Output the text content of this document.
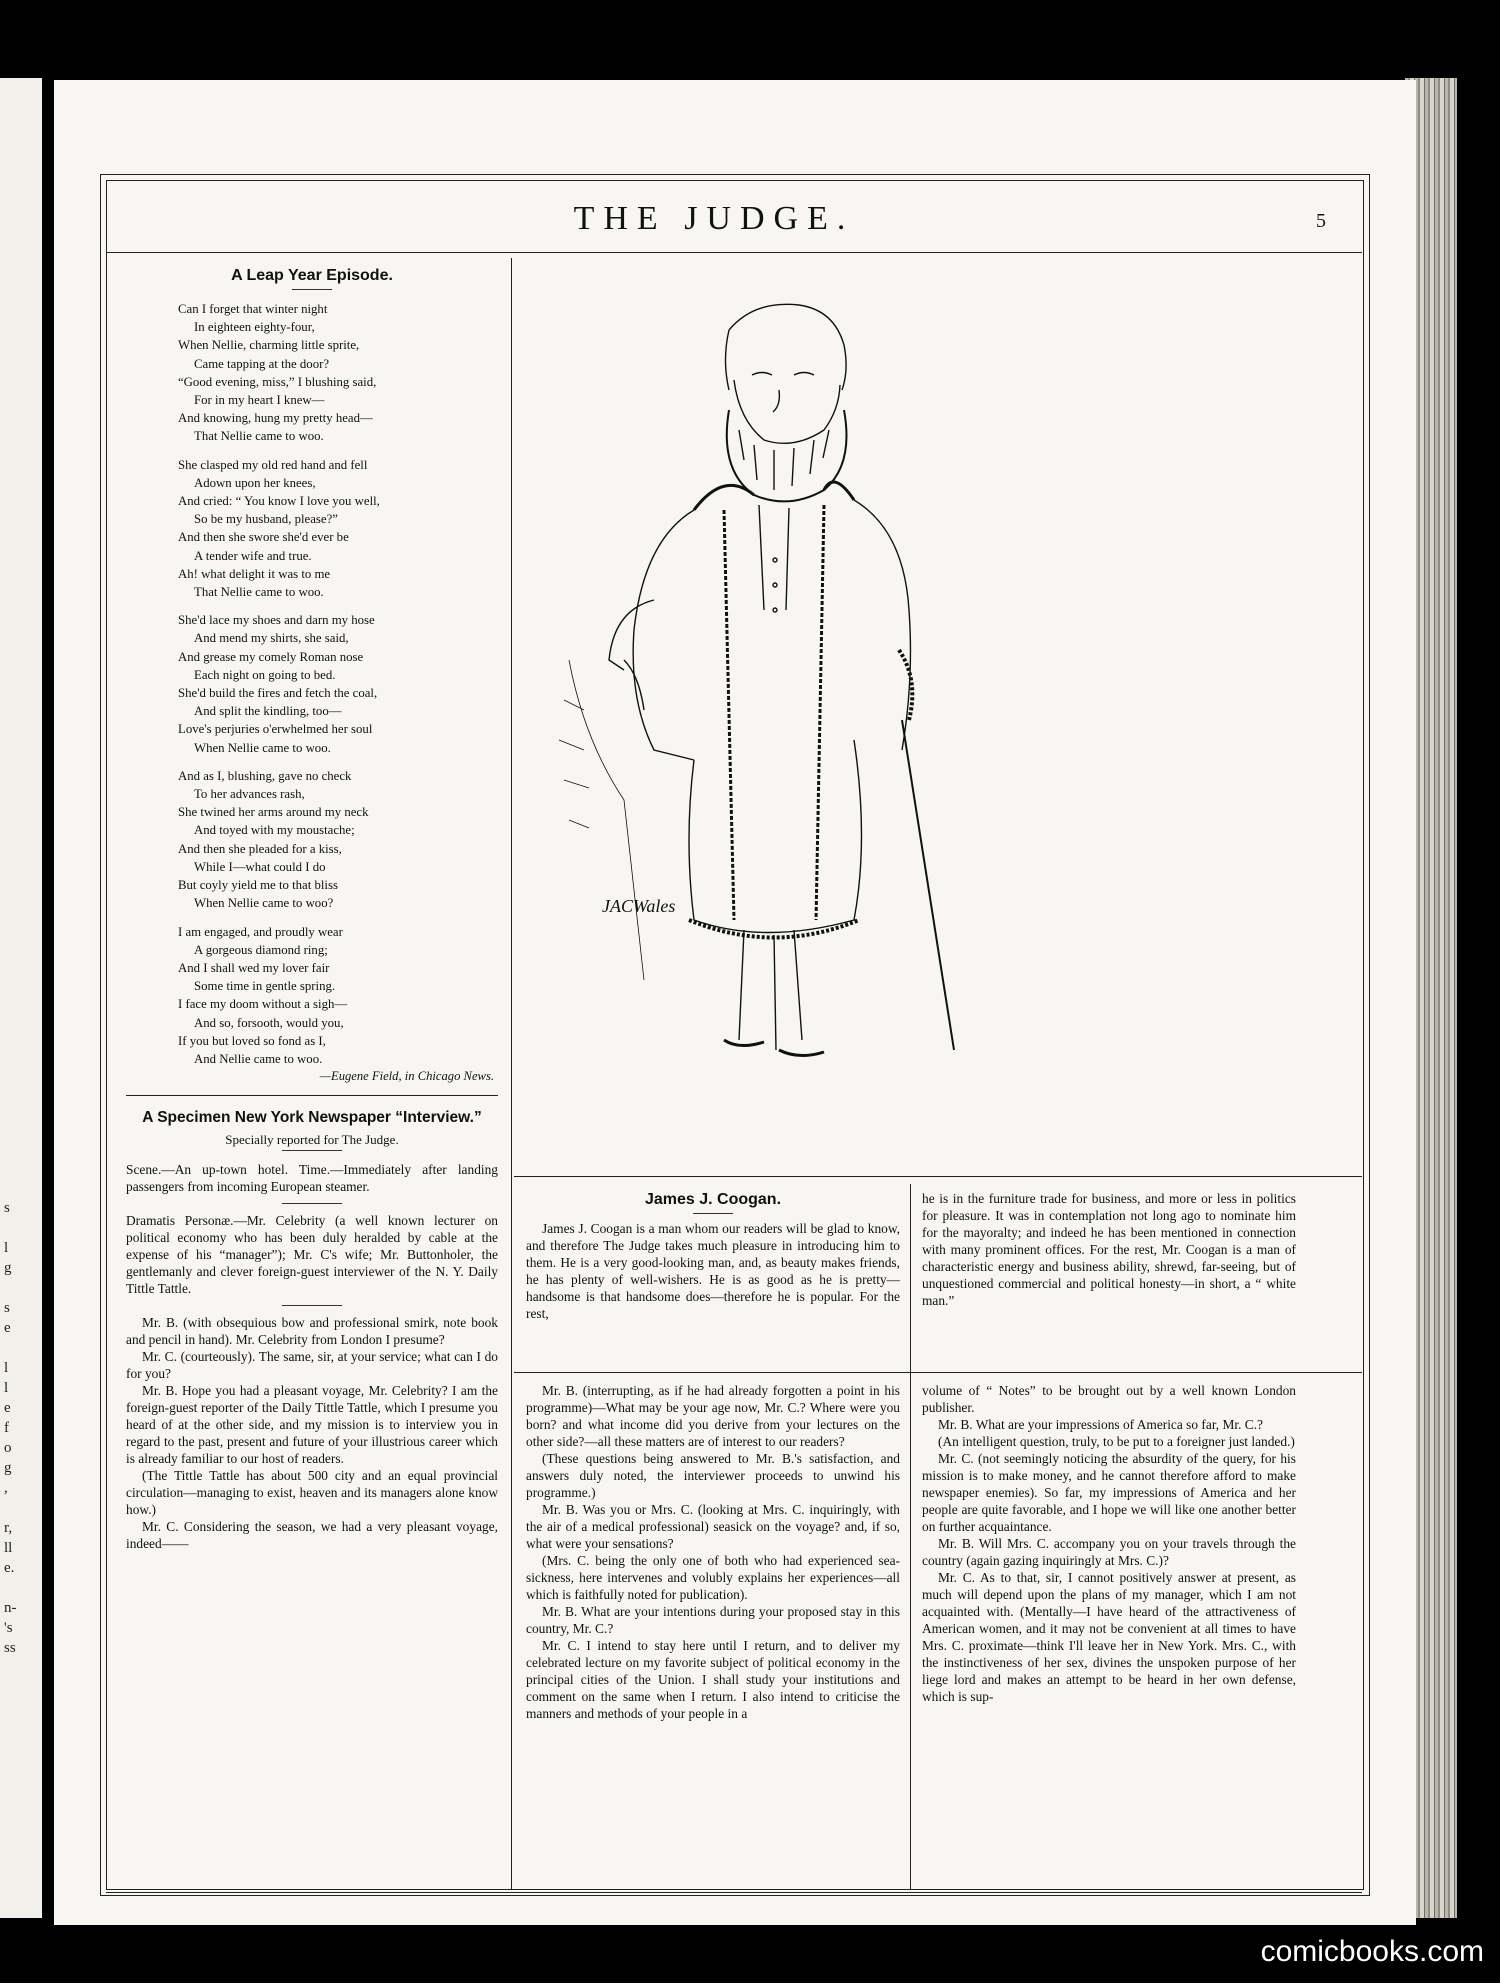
s

l
g

s
e

l
l
e
f
o
g
,

r,
ll
e.

n-
's
ss
THE JUDGE.	5
A Leap Year Episode.
Can I forget that winter night
In eighteen eighty-four,
When Nellie, charming little sprite,
Came tapping at the door?
“Good evening, miss,” I blushing said,
For in my heart I knew—
And knowing, hung my pretty head—
That Nellie came to woo.
She clasped my old red hand and fell
Adown upon her knees,
And cried: “ You know I love you well,
So be my husband, please?”
And then she swore she'd ever be
A tender wife and true.
Ah! what delight it was to me
That Nellie came to woo.
She'd lace my shoes and darn my hose
And mend my shirts, she said,
And grease my comely Roman nose
Each night on going to bed.
She'd build the fires and fetch the coal,
And split the kindling, too—
Love's perjuries o'erwhelmed her soul
When Nellie came to woo.
And as I, blushing, gave no check
To her advances rash,
She twined her arms around my neck
And toyed with my moustache;
And then she pleaded for a kiss,
While I—what could I do
But coyly yield me to that bliss
When Nellie came to woo?
I am engaged, and proudly wear
A gorgeous diamond ring;
And I shall wed my lover fair
Some time in gentle spring.
I face my doom without a sigh—
And so, forsooth, would you,
If you but loved so fond as I,
And Nellie came to woo.
—Eugene Field, in Chicago News.
A Specimen New York Newspaper “Interview.”
Specially reported for The Judge.

Scene.—An up-town hotel. Time.—Immediately after landing passengers from incoming European steamer.

Dramatis Personæ.—Mr. Celebrity (a well known lecturer on political economy who has been duly heralded by cable at the expense of his “manager”); Mr. C's wife; Mr. Buttonholer, the gentlemanly and clever foreign-guest interviewer of the N. Y. Daily Tittle Tattle.

Mr. B. (with obsequious bow and professional smirk, note book and pencil in hand). Mr. Celebrity from London I presume?

Mr. C. (courteously). The same, sir, at your service; what can I do for you?

Mr. B. Hope you had a pleasant voyage, Mr. Celebrity? I am the foreign-guest reporter of the Daily Tittle Tattle, which I presume you heard of at the other side, and my mission is to interview you in regard to the past, present and future of your illustrious career which is already familiar to our host of readers.

(The Tittle Tattle has about 500 city and an equal provincial circulation—managing to exist, heaven and its managers alone know how.)

Mr. C. Considering the season, we had a very pleasant voyage, indeed——

JACWales
James J. Coogan.

James J. Coogan is a man whom our readers will be glad to know, and therefore The Judge takes much pleasure in introducing him to them. He is a very good-looking man, and, as beauty makes friends, he has plenty of well-wishers. He is as good as he is pretty—handsome is that handsome does—therefore he is popular. For the rest,

he is in the furniture trade for business, and more or less in politics for pleasure. It was in contemplation not long ago to nominate him for the mayoralty; and indeed he has been mentioned in connection with many prominent offices. For the rest, Mr. Coogan is a man of characteristic energy and business ability, shrewd, far-seeing, but of unquestioned commercial and political honesty—in short, a “ white man.”

Mr. B. (interrupting, as if he had already forgotten a point in his programme)—What may be your age now, Mr. C.? Where were you born? and what income did you derive from your lectures on the other side?—all these matters are of interest to our readers?

(These questions being answered to Mr. B.'s satisfaction, and answers duly noted, the interviewer proceeds to unwind his programme.)

Mr. B. Was you or Mrs. C. (looking at Mrs. C. inquiringly, with the air of a medical professional) seasick on the voyage? and, if so, what were your sensations?

(Mrs. C. being the only one of both who had experienced sea-sickness, here intervenes and volubly explains her experiences—all which is faithfully noted for publication).

Mr. B. What are your intentions during your proposed stay in this country, Mr. C.?

Mr. C. I intend to stay here until I return, and to deliver my celebrated lecture on my favorite subject of political economy in the principal cities of the Union. I shall study your institutions and comment on the same when I return. I also intend to criticise the manners and methods of your people in a

volume of “ Notes” to be brought out by a well known London publisher.

Mr. B. What are your impressions of America so far, Mr. C.?

(An intelligent question, truly, to be put to a foreigner just landed.)

Mr. C. (not seemingly noticing the absurdity of the query, for his mission is to make money, and he cannot therefore afford to make newspaper enemies). So far, my impressions of America and her people are quite favorable, and I hope we will like one another better on further acquaintance.

Mr. B. Will Mrs. C. accompany you on your travels through the country (again gazing inquiringly at Mrs. C.)?

Mr. C. As to that, sir, I cannot positively answer at present, as much will depend upon the plans of my manager, which I am not acquainted with. (Mentally—I have heard of the attractiveness of American women, and it may not be convenient at all times to have Mrs. C. proximate—think I'll leave her in New York. Mrs. C., with the instinctiveness of her sex, divines the unspoken purpose of her liege lord and makes an attempt to be heard in her own defense, which is sup-

comicbooks.com
